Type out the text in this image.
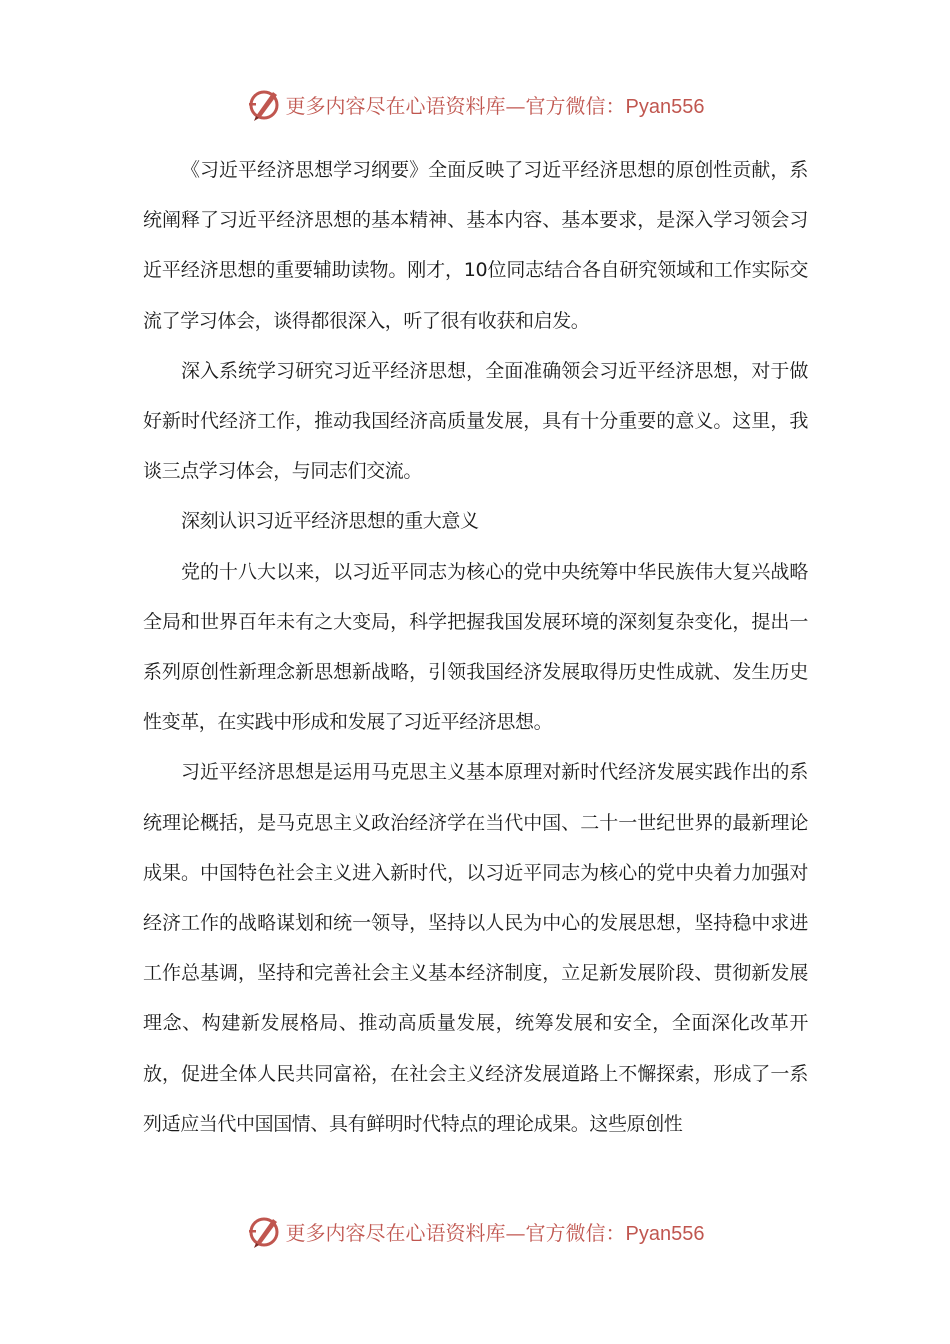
更多内容尽在心语资料库—官方微信：Pyan556

《习近平经济思想学习纲要》全面反映了习近平经济思想的原创性贡献，系统阐释了习近平经济思想的基本精神、基本内容、基本要求，是深入学习领会习近平经济思想的重要辅助读物。刚才，10位同志结合各自研究领域和工作实际交流了学习体会，谈得都很深入，听了很有收获和启发。

深入系统学习研究习近平经济思想，全面准确领会习近平经济思想，对于做好新时代经济工作，推动我国经济高质量发展，具有十分重要的意义。这里，我谈三点学习体会，与同志们交流。

深刻认识习近平经济思想的重大意义

党的十八大以来，以习近平同志为核心的党中央统筹中华民族伟大复兴战略全局和世界百年未有之大变局，科学把握我国发展环境的深刻复杂变化，提出一系列原创性新理念新思想新战略，引领我国经济发展取得历史性成就、发生历史性变革，在实践中形成和发展了习近平经济思想。

习近平经济思想是运用马克思主义基本原理对新时代经济发展实践作出的系统理论概括，是马克思主义政治经济学在当代中国、二十一世纪世界的最新理论成果。中国特色社会主义进入新时代，以习近平同志为核心的党中央着力加强对经济工作的战略谋划和统一领导，坚持以人民为中心的发展思想，坚持稳中求进工作总基调，坚持和完善社会主义基本经济制度，立足新发展阶段、贯彻新发展理念、构建新发展格局、推动高质量发展，统筹发展和安全，全面深化改革开放，促进全体人民共同富裕，在社会主义经济发展道路上不懈探索，形成了一系列适应当代中国国情、具有鲜明时代特点的理论成果。这些原创性

更多内容尽在心语资料库—官方微信：Pyan556
